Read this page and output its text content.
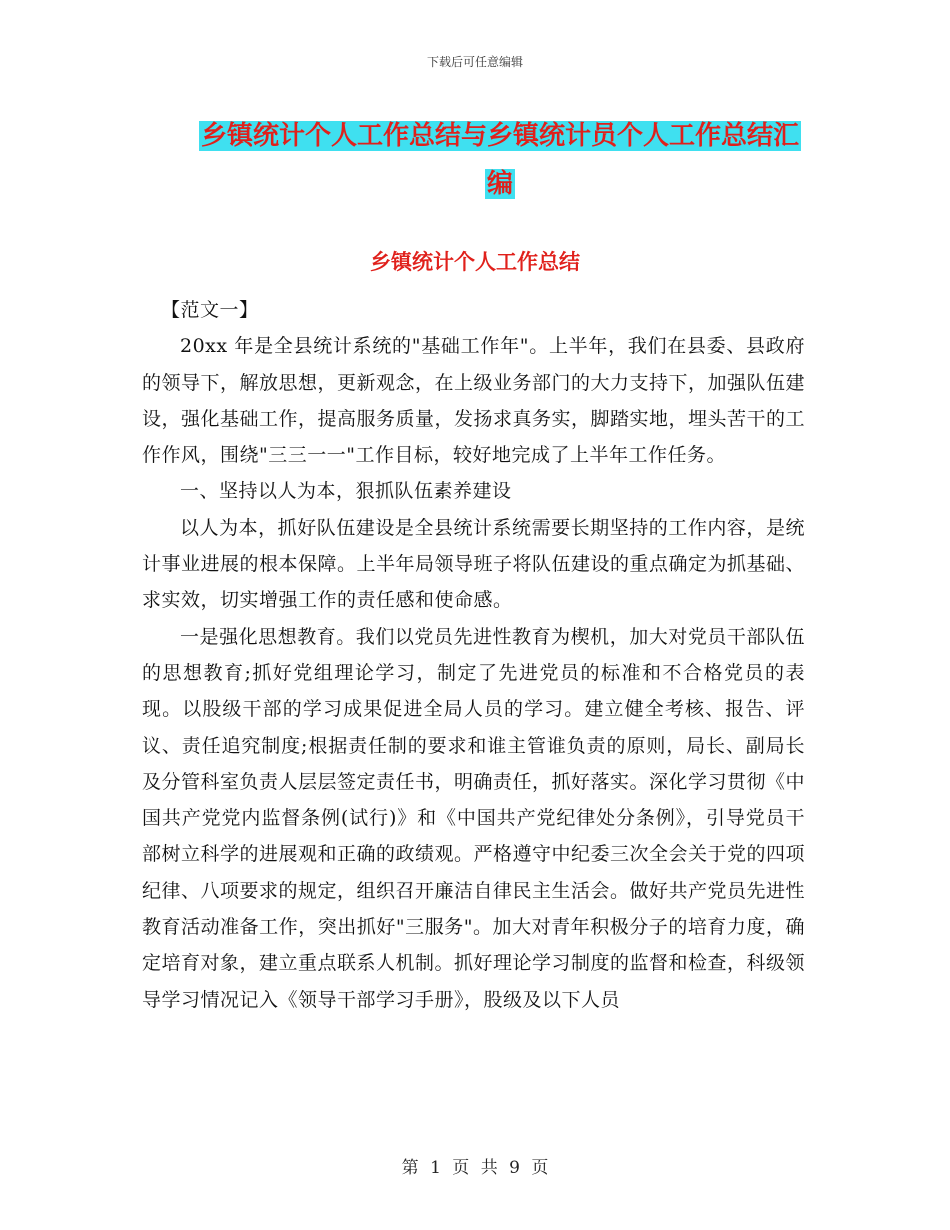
下载后可任意编辑
乡镇统计个人工作总结与乡镇统计员个人工作总结汇
编
乡镇统计个人工作总结

【范文一】

20xx 年是全县统计系统的"基础工作年"。上半年，我们在县委、县政府的领导下，解放思想，更新观念，在上级业务部门的大力支持下，加强队伍建设，强化基础工作，提高服务质量，发扬求真务实，脚踏实地，埋头苦干的工作作风，围绕"三三一一"工作目标，较好地完成了上半年工作任务。

一、坚持以人为本，狠抓队伍素养建设

以人为本，抓好队伍建设是全县统计系统需要长期坚持的工作内容，是统计事业进展的根本保障。上半年局领导班子将队伍建设的重点确定为抓基础、求实效，切实增强工作的责任感和使命感。

一是强化思想教育。我们以党员先进性教育为楔机，加大对党员干部队伍的思想教育;抓好党组理论学习，制定了先进党员的标准和不合格党员的表现。以股级干部的学习成果促进全局人员的学习。建立健全考核、报告、评议、责任追究制度;根据责任制的要求和谁主管谁负责的原则，局长、副局长及分管科室负责人层层签定责任书，明确责任，抓好落实。深化学习贯彻《中国共产党党内监督条例(试行)》和《中国共产党纪律处分条例》，引导党员干部树立科学的进展观和正确的政绩观。严格遵守中纪委三次全会关于党的四项纪律、八项要求的规定，组织召开廉洁自律民主生活会。做好共产党员先进性教育活动准备工作，突出抓好"三服务"。加大对青年积极分子的培育力度，确定培育对象，建立重点联系人机制。抓好理论学习制度的监督和检查，科级领导学习情况记入《领导干部学习手册》，股级及以下人员

第 1 页 共 9 页
